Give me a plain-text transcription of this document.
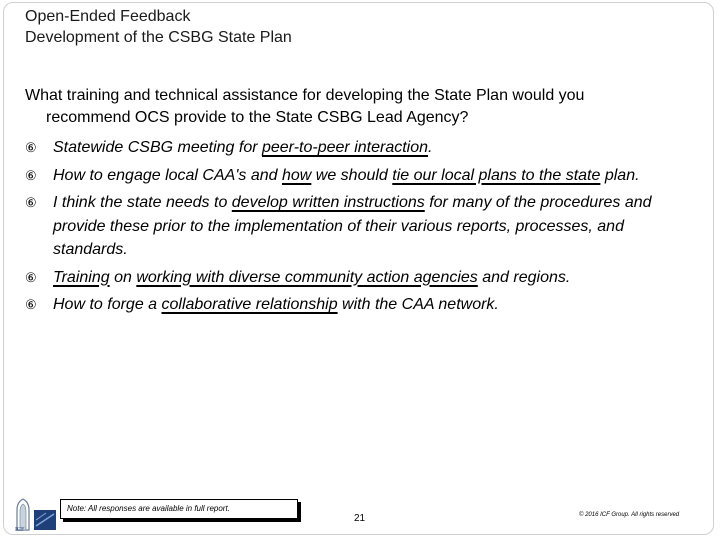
Open-Ended Feedback
Development of the CSBG State Plan
What training and technical assistance for developing the State Plan would you
recommend OCS provide to the State CSBG Lead Agency?
⑥ Statewide CSBG meeting for peer-to-peer interaction.
⑥ How to engage local CAA's and how we should tie our local plans to the state plan.
⑥ I think the state needs to develop written instructions for many of the procedures and provide these prior to the implementation of their various reports, processes, and standards.
⑥ Training on working with diverse community action agencies and regions.
⑥ How to forge a collaborative relationship with the CAA network.
ICF
Note: All responses are available in full report.
21	© 2016 ICF Group. All rights reserved
